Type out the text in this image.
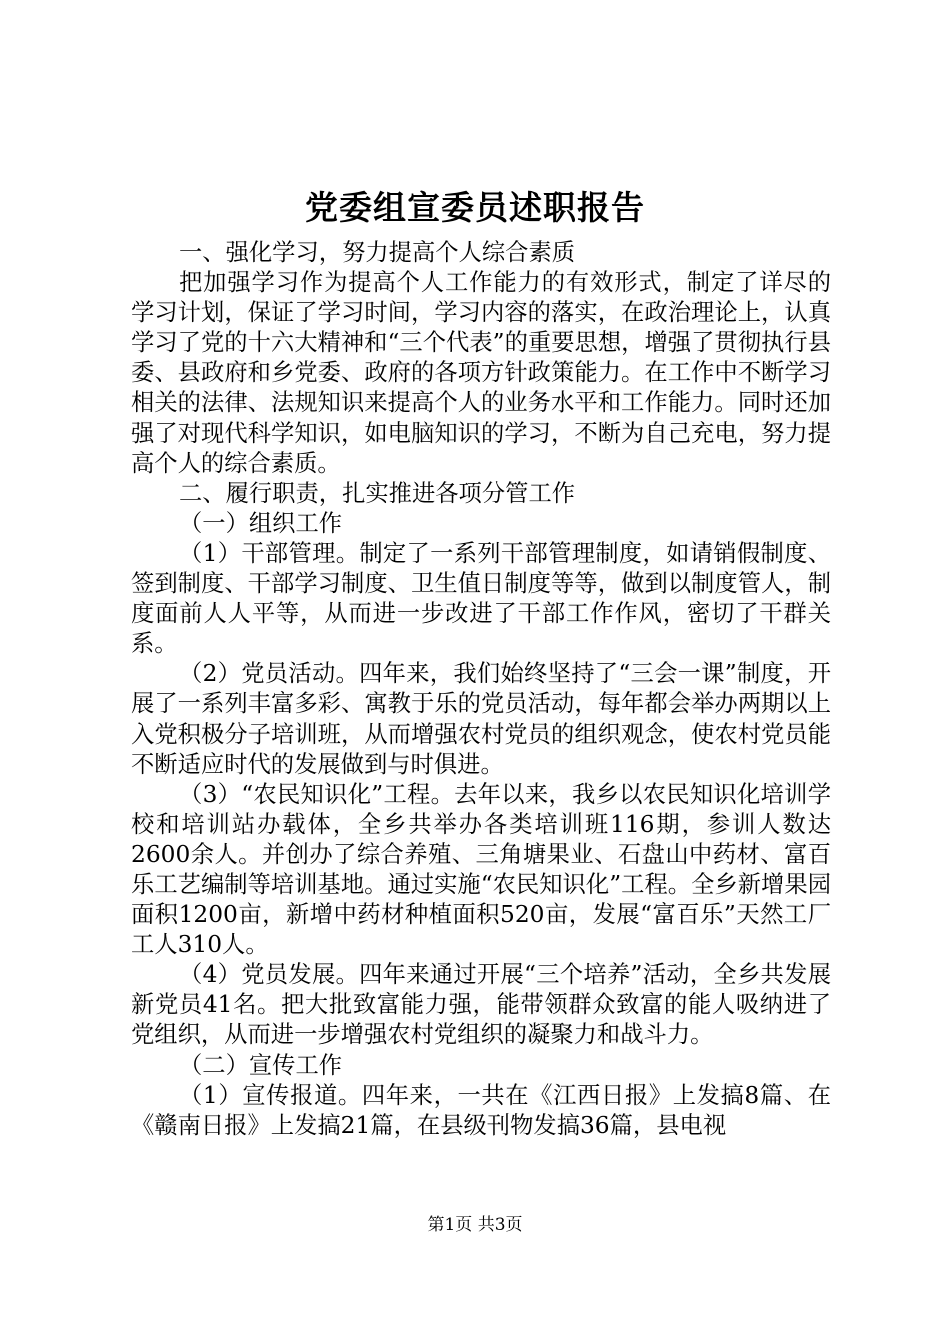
党委组宣委员述职报告

一、强化学习，努力提高个人综合素质

把加强学习作为提高个人工作能力的有效形式，制定了详尽的学习计划，保证了学习时间，学习内容的落实，在政治理论上，认真学习了党的十六大精神和“三个代表”的重要思想，增强了贯彻执行县委、县政府和乡党委、政府的各项方针政策能力。在工作中不断学习相关的法律、法规知识来提高个人的业务水平和工作能力。同时还加强了对现代科学知识，如电脑知识的学习，不断为自己充电，努力提高个人的综合素质。

二、履行职责，扎实推进各项分管工作

（一）组织工作

（1）干部管理。制定了一系列干部管理制度，如请销假制度、签到制度、干部学习制度、卫生值日制度等等，做到以制度管人，制度面前人人平等，从而进一步改进了干部工作作风，密切了干群关系。

（2）党员活动。四年来，我们始终坚持了“三会一课”制度，开展了一系列丰富多彩、寓教于乐的党员活动，每年都会举办两期以上入党积极分子培训班，从而增强农村党员的组织观念，使农村党员能不断适应时代的发展做到与时俱进。

（3）“农民知识化”工程。去年以来，我乡以农民知识化培训学校和培训站办载体，全乡共举办各类培训班116期，参训人数达2600余人。并创办了综合养殖、三角塘果业、石盘山中药材、富百乐工艺编制等培训基地。通过实施“农民知识化”工程。全乡新增果园面积1200亩，新增中药材种植面积520亩，发展“富百乐”天然工厂工人310人。

（4）党员发展。四年来通过开展“三个培养”活动，全乡共发展新党员41名。把大批致富能力强，能带领群众致富的能人吸纳进了党组织，从而进一步增强农村党组织的凝聚力和战斗力。

（二）宣传工作

（1）宣传报道。四年来，一共在《江西日报》上发搞8篇、在《赣南日报》上发搞21篇，在县级刊物发搞36篇，县电视

第1页 共3页
